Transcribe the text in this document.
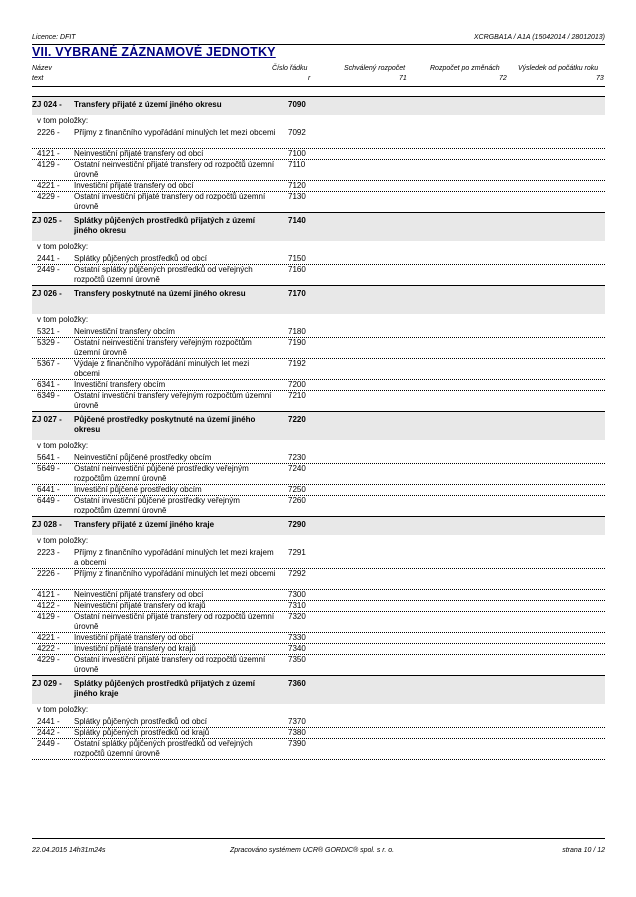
Licence: DFIT	XCRGBA1A / A1A (15042014 / 28012013)
VII. VYBRANÉ ZÁZNAMOVÉ JEDNOTKY
Název
text
Číslo řádku
r
Schválený rozpočet
71
Rozpočet po změnách
72
Výsledek od počátku roku
73
ZJ 024 -	Transfery přijaté z území jiného okresu	7090
v tom položky:
2226 -	Příjmy z finančního vypořádání minulých let mezi obcemi 7092
4121 -	Neinvestiční přijaté transfery od obcí	7100
4129 -	Ostatní neinvestiční přijaté transfery od rozpočtů územní úrovně
7110
4221 -	Investiční přijaté transfery od obcí	7120
4229 -	Ostatní investiční přijaté transfery od rozpočtů územní úrovně
7130
ZJ 025 -	Splátky půjčených prostředků přijatých z území jiného okresu
7140
v tom položky:
2441 -	Splátky půjčených prostředků od obcí	7150
2449 -	Ostatní splátky půjčených prostředků od veřejných rozpočtů územní úrovně
7160
ZJ 026 -	Transfery poskytnuté na území jiného okresu	7170
v tom položky:
5321 -	Neinvestiční transfery obcím	7180
5329 -	Ostatní neinvestiční transfery veřejným rozpočtům územní úrovně
7190
5367 -	Výdaje z finančního vypořádání minulých let mezi obcemi
7192
6341 -	Investiční transfery obcím	7200
6349 -	Ostatní investiční transfery veřejným rozpočtům územní úrovně
7210
ZJ 027 -	Půjčené prostředky poskytnuté na území jiného okresu
7220
v tom položky:
5641 -	Neinvestiční půjčené prostředky obcím	7230
5649 -	Ostatní neinvestiční půjčené prostředky veřejným rozpočtům územní úrovně
7240
6441 -	Investiční půjčené prostředky obcím	7250
6449 -	Ostatní investiční půjčené prostředky veřejným rozpočtům územní úrovně
7260
ZJ 028 -	Transfery přijaté z území jiného kraje	7290
v tom položky:
2223 -	Příjmy z finančního vypořádání minulých let mezi krajem a obcemi
7291
2226 -	Příjmy z finančního vypořádání minulých let mezi obcemi 7292
4121 -	Neinvestiční přijaté transfery od obcí	7300
4122 -	Neinvestiční přijaté transfery od krajů	7310
4129 -	Ostatní neinvestiční přijaté transfery od rozpočtů územní úrovně
7320
4221 -	Investiční přijaté transfery od obcí	7330
4222 -	Investiční přijaté transfery od krajů	7340
4229 -	Ostatní investiční přijaté transfery od rozpočtů územní úrovně
7350
ZJ 029 -	Splátky půjčených prostředků přijatých z území jiného kraje
7360
v tom položky:
2441 -	Splátky půjčených prostředků od obcí	7370
2442 -	Splátky půjčených prostředků od krajů	7380
2449 -	Ostatní splátky půjčených prostředků od veřejných rozpočtů územní úrovně
7390
22.04.2015 14h31m24s	Zpracováno systémem UCR® GORDIC® spol. s r. o.	strana 10 / 12
